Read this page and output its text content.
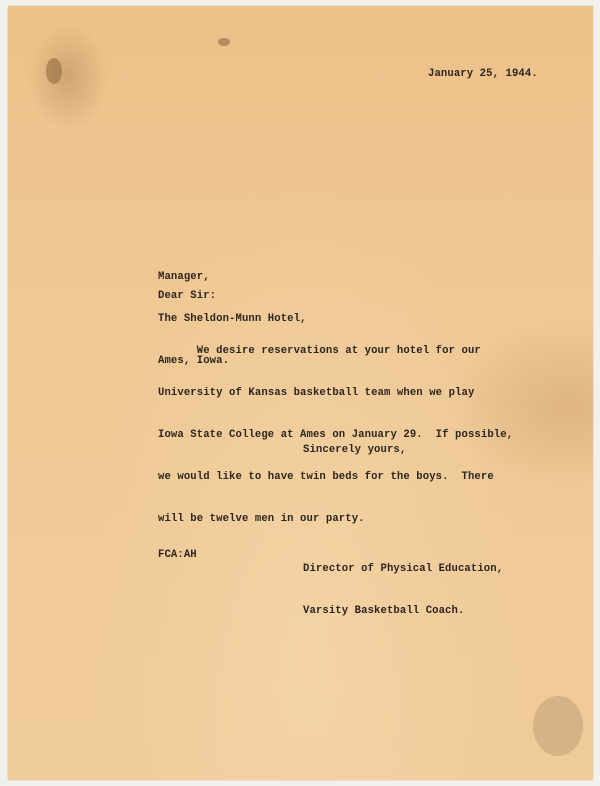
January 25, 1944.

Manager,

The Sheldon-Munn Hotel,

Ames, Iowa.

Dear Sir:

We desire reservations at your hotel for our

University of Kansas basketball team when we play

Iowa State College at Ames on January 29.  If possible,

we would like to have twin beds for the boys.  There

will be twelve men in our party.

Sincerely yours,

Director of Physical Education,

Varsity Basketball Coach.

FCA:AH
